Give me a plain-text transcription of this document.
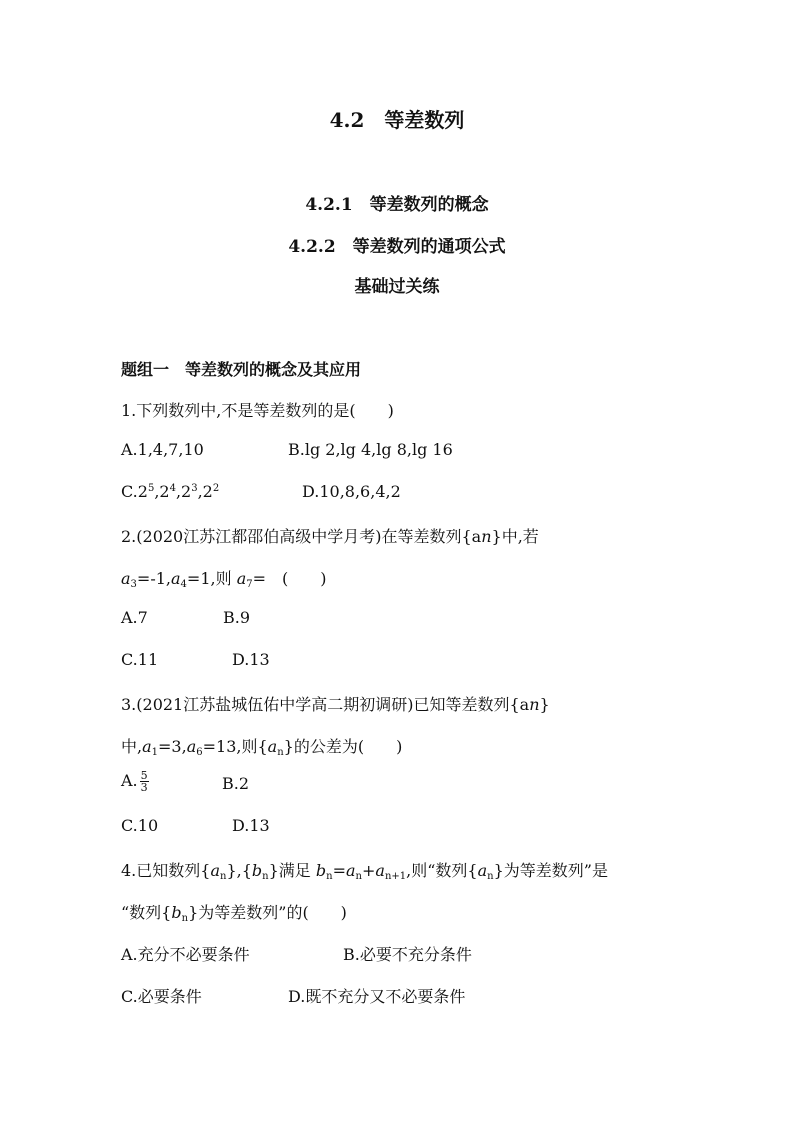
4.2　等差数列
4.2.1　等差数列的概念
4.2.2　等差数列的通项公式
基础过关练
题组一　等差数列的概念及其应用
1.下列数列中,不是等差数列的是(　　)
A.1,4,7,10	B.lg 2,lg 4,lg 8,lg 16
$C.2^5,2^4,2^3,2^2$	D.10,8,6,4,2
2.(2020江苏江都邵伯高级中学月考)在等差数列{an}中,若
$a_3=-1,a_4=1$,则 $a_7=$　(　　)
A.7	B.9
C.11	D.13
3.(2021江苏盐城伍佑中学高二期初调研)已知等差数列{an}
中$,a_1=3,a_6=13$,则$\{a_n\}$的公差为(　　)
A. $\frac{5}{3}$	B.2
C.10	D.13
4.已知数列$\{a_n\},\{b_n\}$满足 $b_n=a_n+a_{n+1}$,则“数列$\{a_n\}$为等差数列”是
“数列$\{b_n\}$为等差数列”的(　　)
A.充分不必要条件	B.必要不充分条件
C.必要条件	D.既不充分又不必要条件
